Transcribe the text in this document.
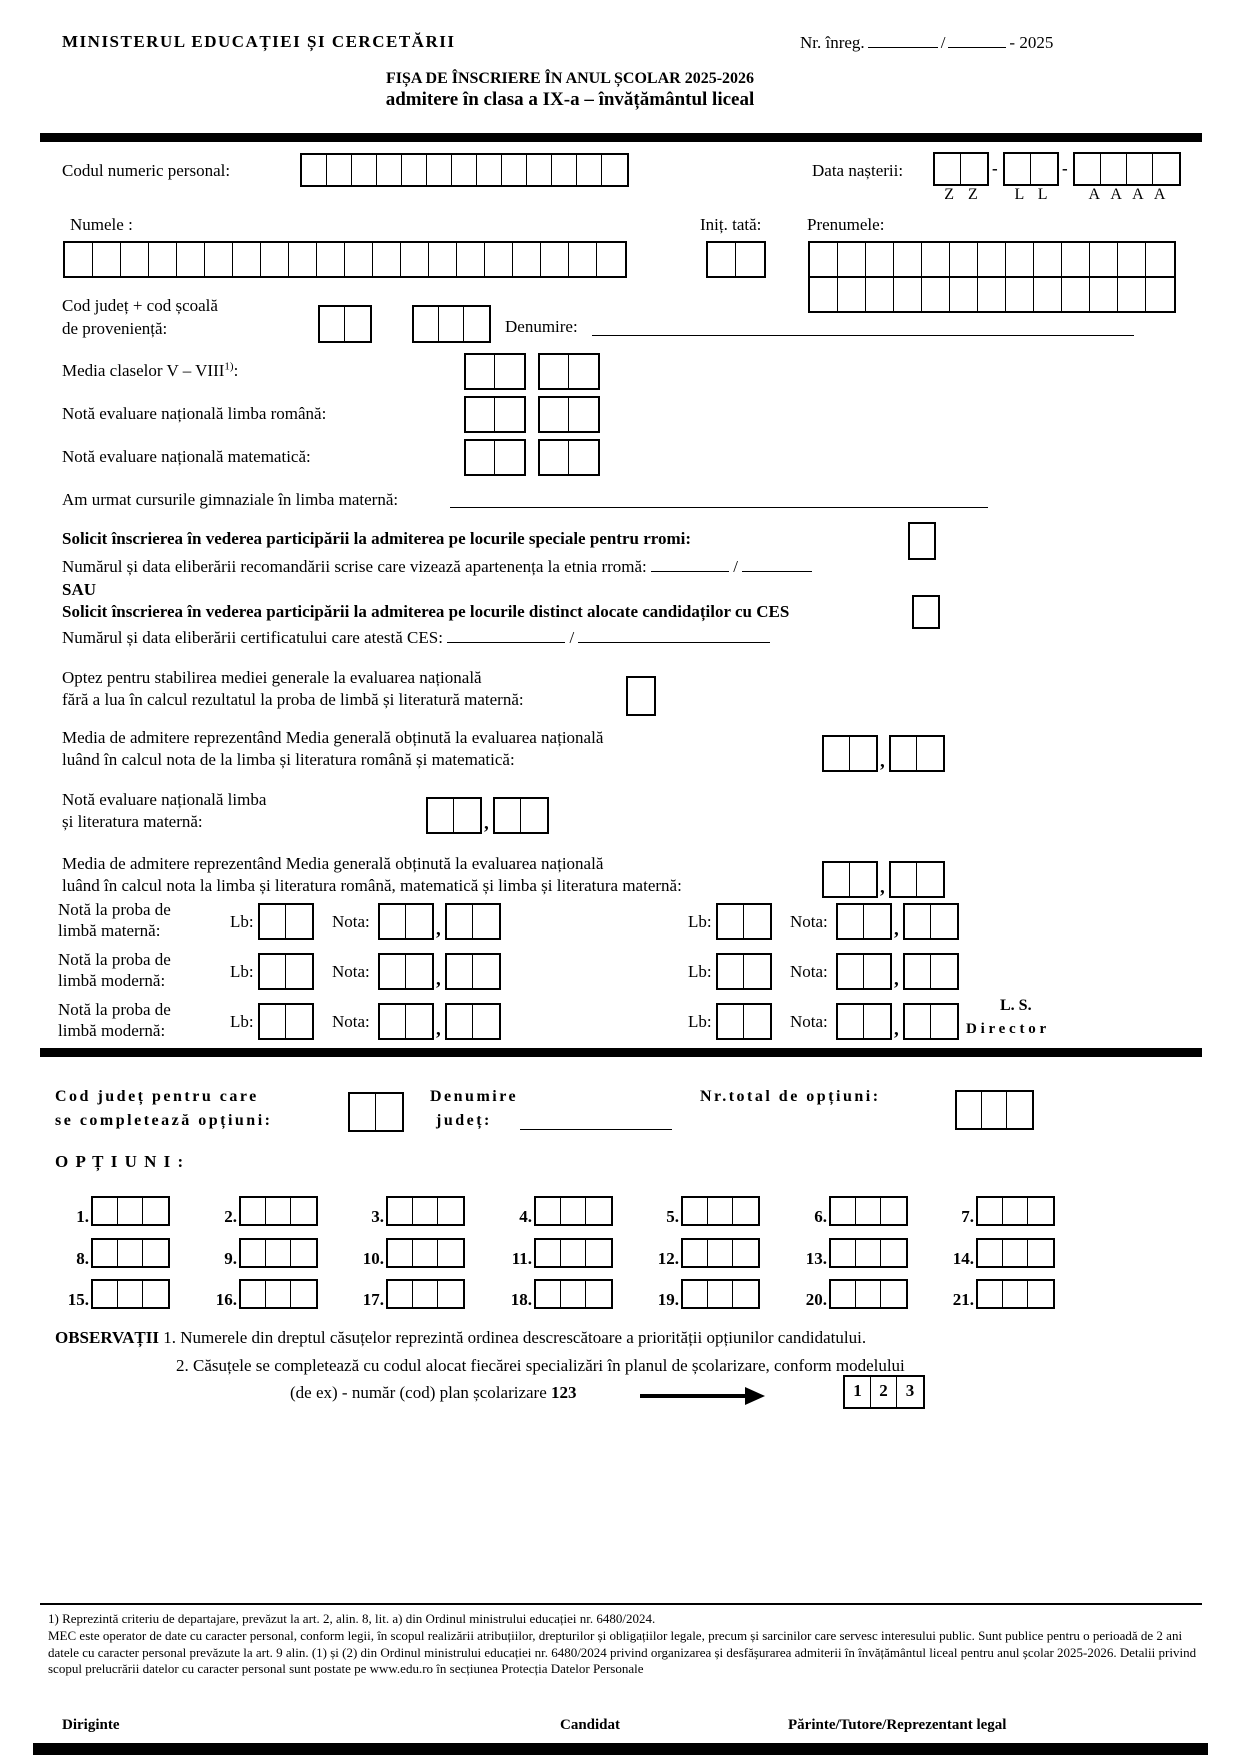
MINISTERUL EDUCAȚIEI ȘI CERCETĂRII	Nr. înreg.	/	- 2025
FIȘA DE ÎNSCRIERE ÎN ANUL ȘCOLAR 2025-2026
admitere în clasa a IX-a – învățământul liceal
Codul numeric personal:	Data nașterii:	-	-
Z Z	L L	A A A A
Numele :	Iniț. tată:	Prenumele:
Cod județ + cod școală
de proveniență:	Denumire:
Media claselor V – VIII$^{1)}$:
Notă evaluare națională limba română:
Notă evaluare națională matematică:
Am urmat cursurile gimnaziale în limba maternă:
Solicit înscrierea în vederea participării la admiterea pe locurile speciale pentru rromi:
Numărul și data eliberării recomandării scrise care vizează apartenența la etnia rromă:	/
SAU
Solicit înscrierea în vederea participării la admiterea pe locurile distinct alocate candidaților cu CES
Numărul și data eliberării certificatului care atestă CES:	/
Optez pentru stabilirea mediei generale la evaluarea națională
fără a lua în calcul rezultatul la proba de limbă și literatură maternă:
Media de admitere reprezentând Media generală obținută la evaluarea națională
luând în calcul nota de la limba și literatura română și matematică:	,
Notă evaluare națională limba
și literatura maternă:	,
Media de admitere reprezentând Media generală obținută la evaluarea națională
luând în calcul nota la limba și literatura română, matematică și limba și literatura maternă:	,
Notă la proba de
limbă maternă:	Lb:	Nota:	,	Lb:	Nota:	,
Notă la proba de
limbă modernă:	Lb:	Nota:	,	Lb:	Nota:	,
Notă la proba de
limbă modernă:	Lb:	Nota:	,	Lb:	Nota:	,
L. S.
D i r e c t o r
Cod județ pentru care
se completează opțiuni:
Denumire
județ:
Nr.total de opțiuni:
O P Ț I U N I :
1.	2.	3.	4.	5.	6.	7.
8.	9.	10.	11.	12.	13.	14.
15.	16.	17.	18.	19.	20.	21.
OBSERVAȚII 1. Numerele din dreptul căsuțelor reprezintă ordinea descrescătoare a priorității opțiunilor candidatului.
2. Căsuțele se completează cu codul alocat fiecărei specializări în planul de școlarizare, conform modelului
(de ex) - număr (cod) plan școlarizare 123	1	2	3
1) Reprezintă criteriu de departajare, prevăzut la art. 2, alin. 8, lit. a) din Ordinul ministrului educației nr. 6480/2024.
MEC este operator de date cu caracter personal, conform legii, în scopul realizării atribuțiilor, drepturilor și obligațiilor legale, precum și sarcinilor care servesc interesului public. Sunt publice pentru o perioadă de 2 ani datele cu caracter personal prevăzute la art. 9 alin. (1) și (2) din Ordinul ministrului educației nr. 6480/2024 privind organizarea și desfășurarea admiterii în învățământul liceal pentru anul școlar 2025-2026. Detalii privind scopul prelucrării datelor cu caracter personal sunt postate pe www.edu.ro în secțiunea Protecția Datelor Personale
Diriginte	Candidat	Părinte/Tutore/Reprezentant legal
